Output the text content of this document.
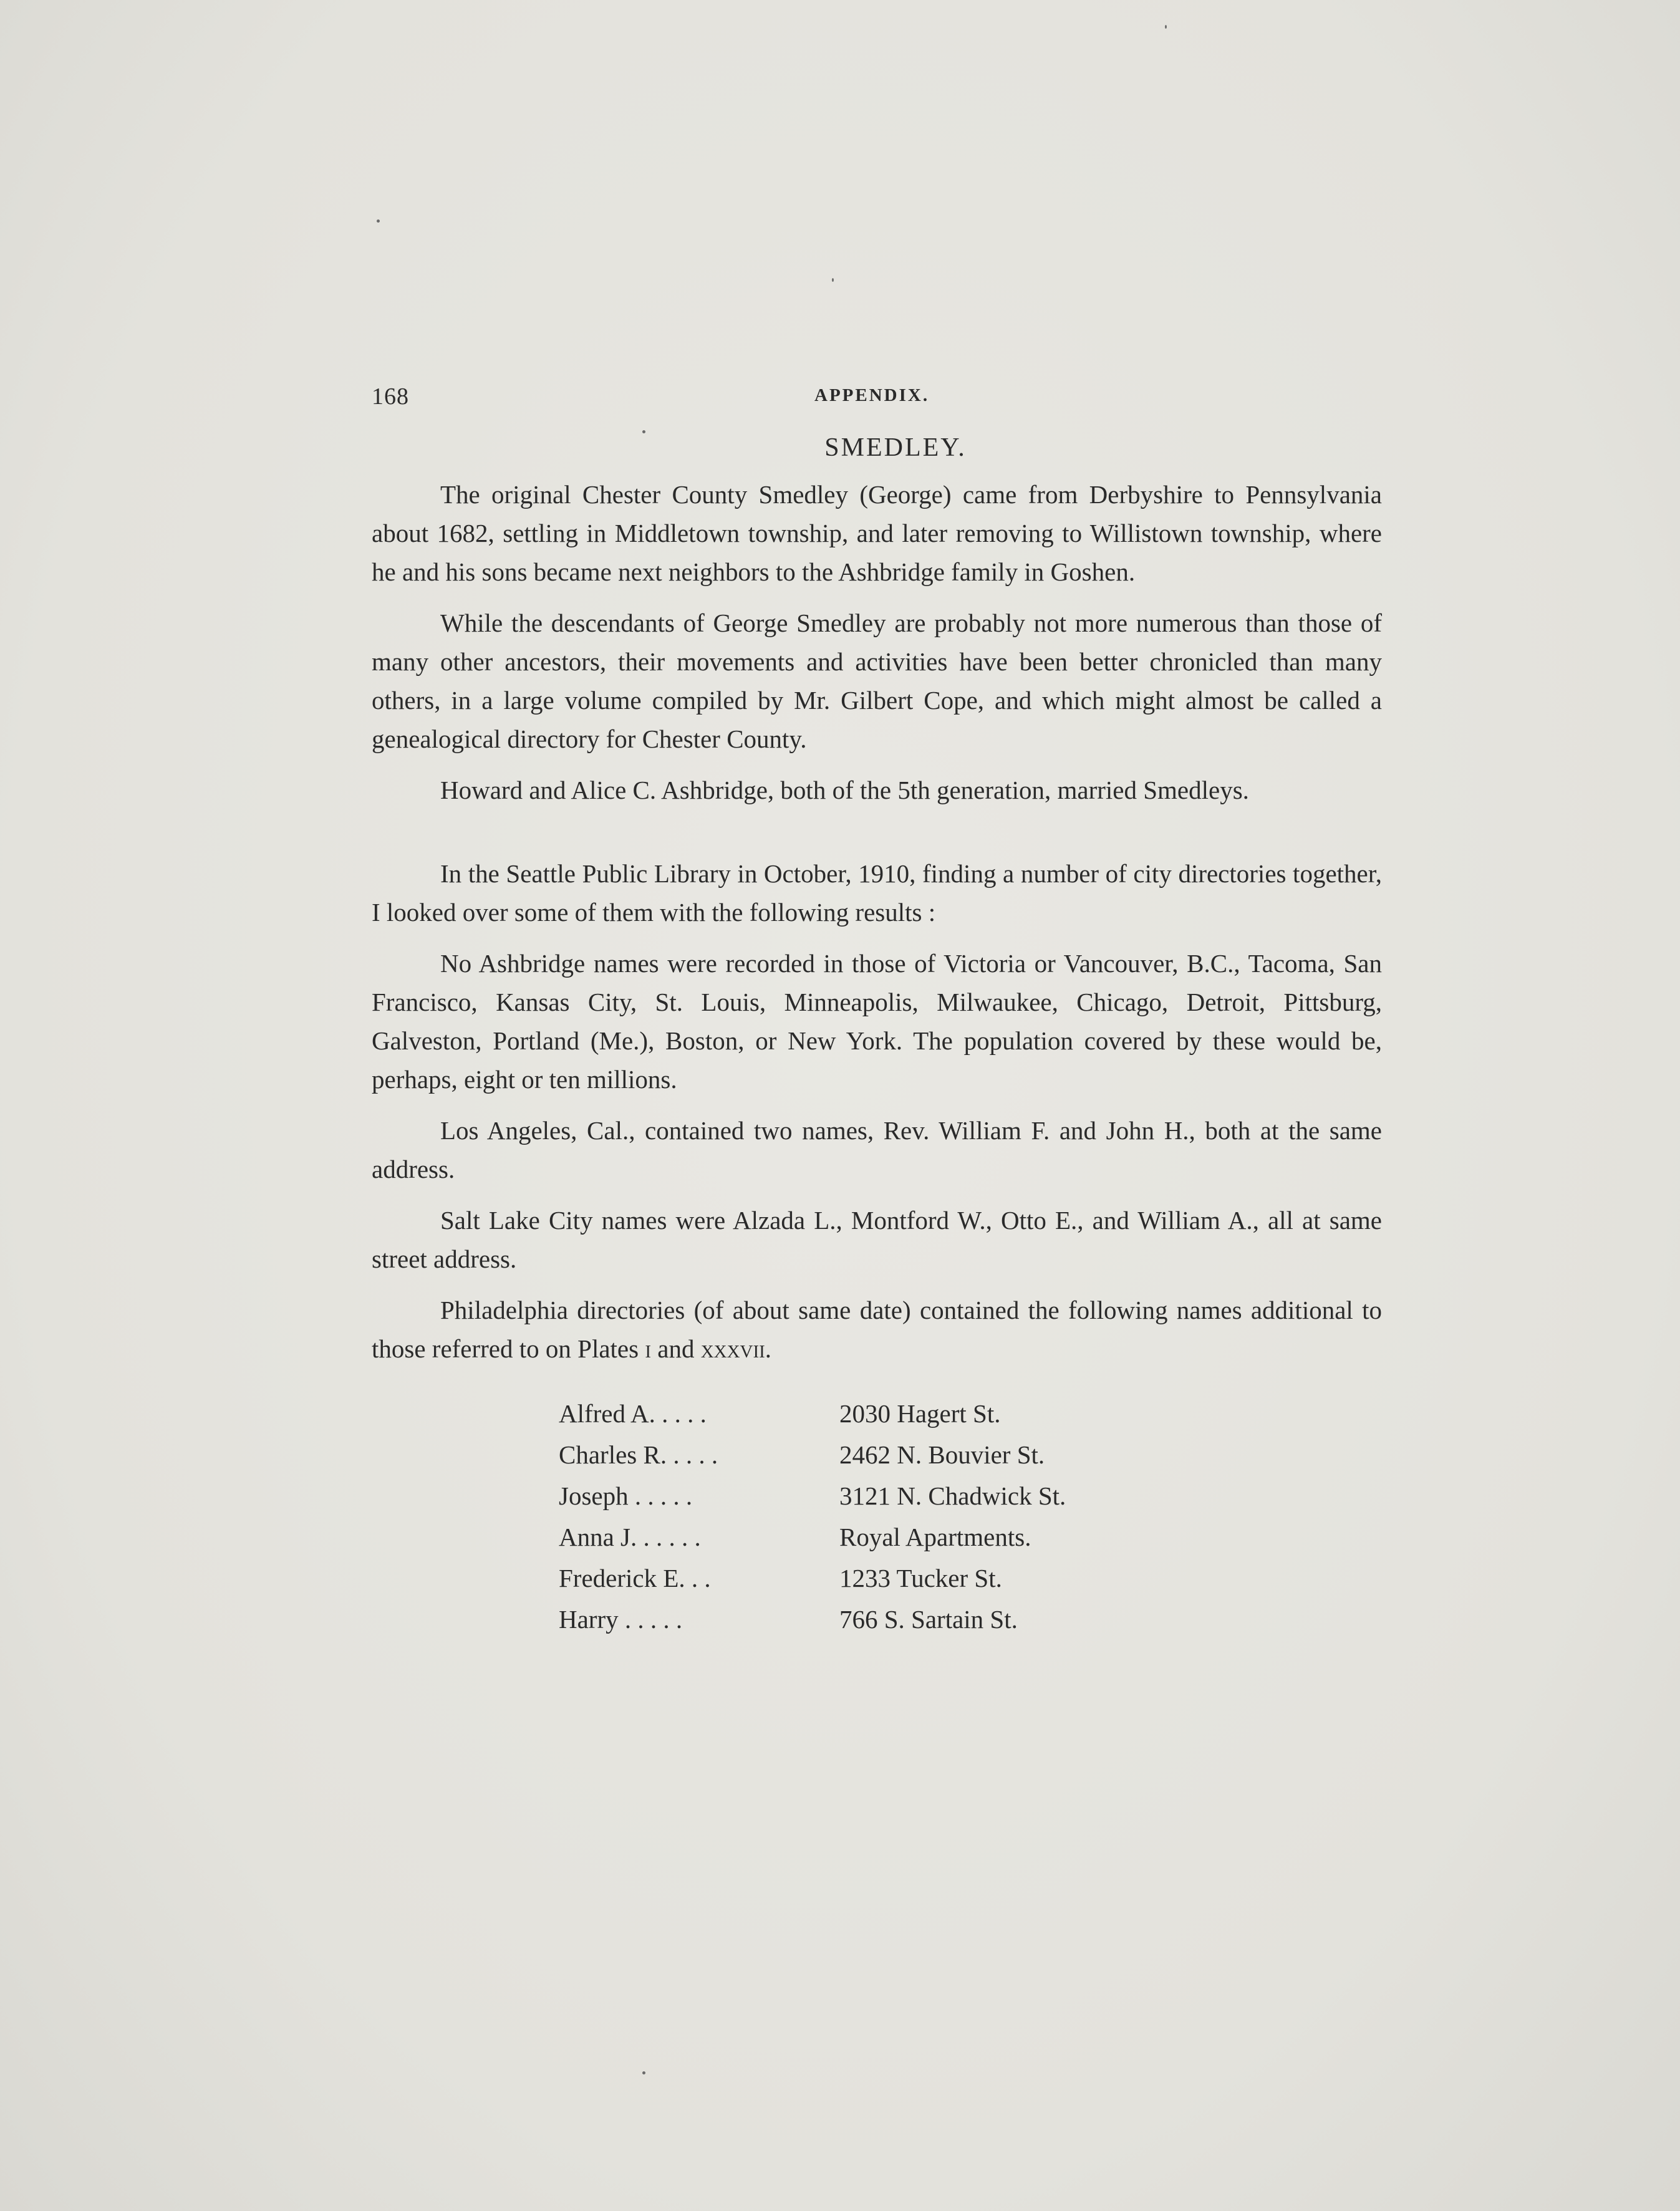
168	APPENDIX.
SMEDLEY.

The original Chester County Smedley (George) came from Derbyshire to Pennsylvania about 1682, settling in Middletown township, and later removing to Willistown township, where he and his sons became next neighbors to the Ashbridge family in Goshen.

While the descendants of George Smedley are probably not more numerous than those of many other ancestors, their movements and activities have been better chronicled than many others, in a large volume compiled by Mr. Gilbert Cope, and which might almost be called a genealogical directory for Chester County.

Howard and Alice C. Ashbridge, both of the 5th generation, married Smedleys.

In the Seattle Public Library in October, 1910, finding a number of city directories together, I looked over some of them with the following results :

No Ashbridge names were recorded in those of Victoria or Vancouver, B.C., Tacoma, San Francisco, Kansas City, St. Louis, Minneapolis, Milwaukee, Chicago, Detroit, Pittsburg, Galveston, Portland (Me.), Boston, or New York. The population covered by these would be, perhaps, eight or ten millions.

Los Angeles, Cal., contained two names, Rev. William F. and John H., both at the same address.

Salt Lake City names were Alzada L., Montford W., Otto E., and William A., all at same street address.

Philadelphia directories (of about same date) contained the following names additional to those referred to on Plates i and xxxvii.

Alfred A. . . . .	2030 Hagert St.
Charles R. . . . .	2462 N. Bouvier St.
Joseph . . . . .	3121 N. Chadwick St.
Anna J. . . . . .	Royal Apartments.
Frederick E. . .	1233 Tucker St.
Harry . . . . .	766 S. Sartain St.
